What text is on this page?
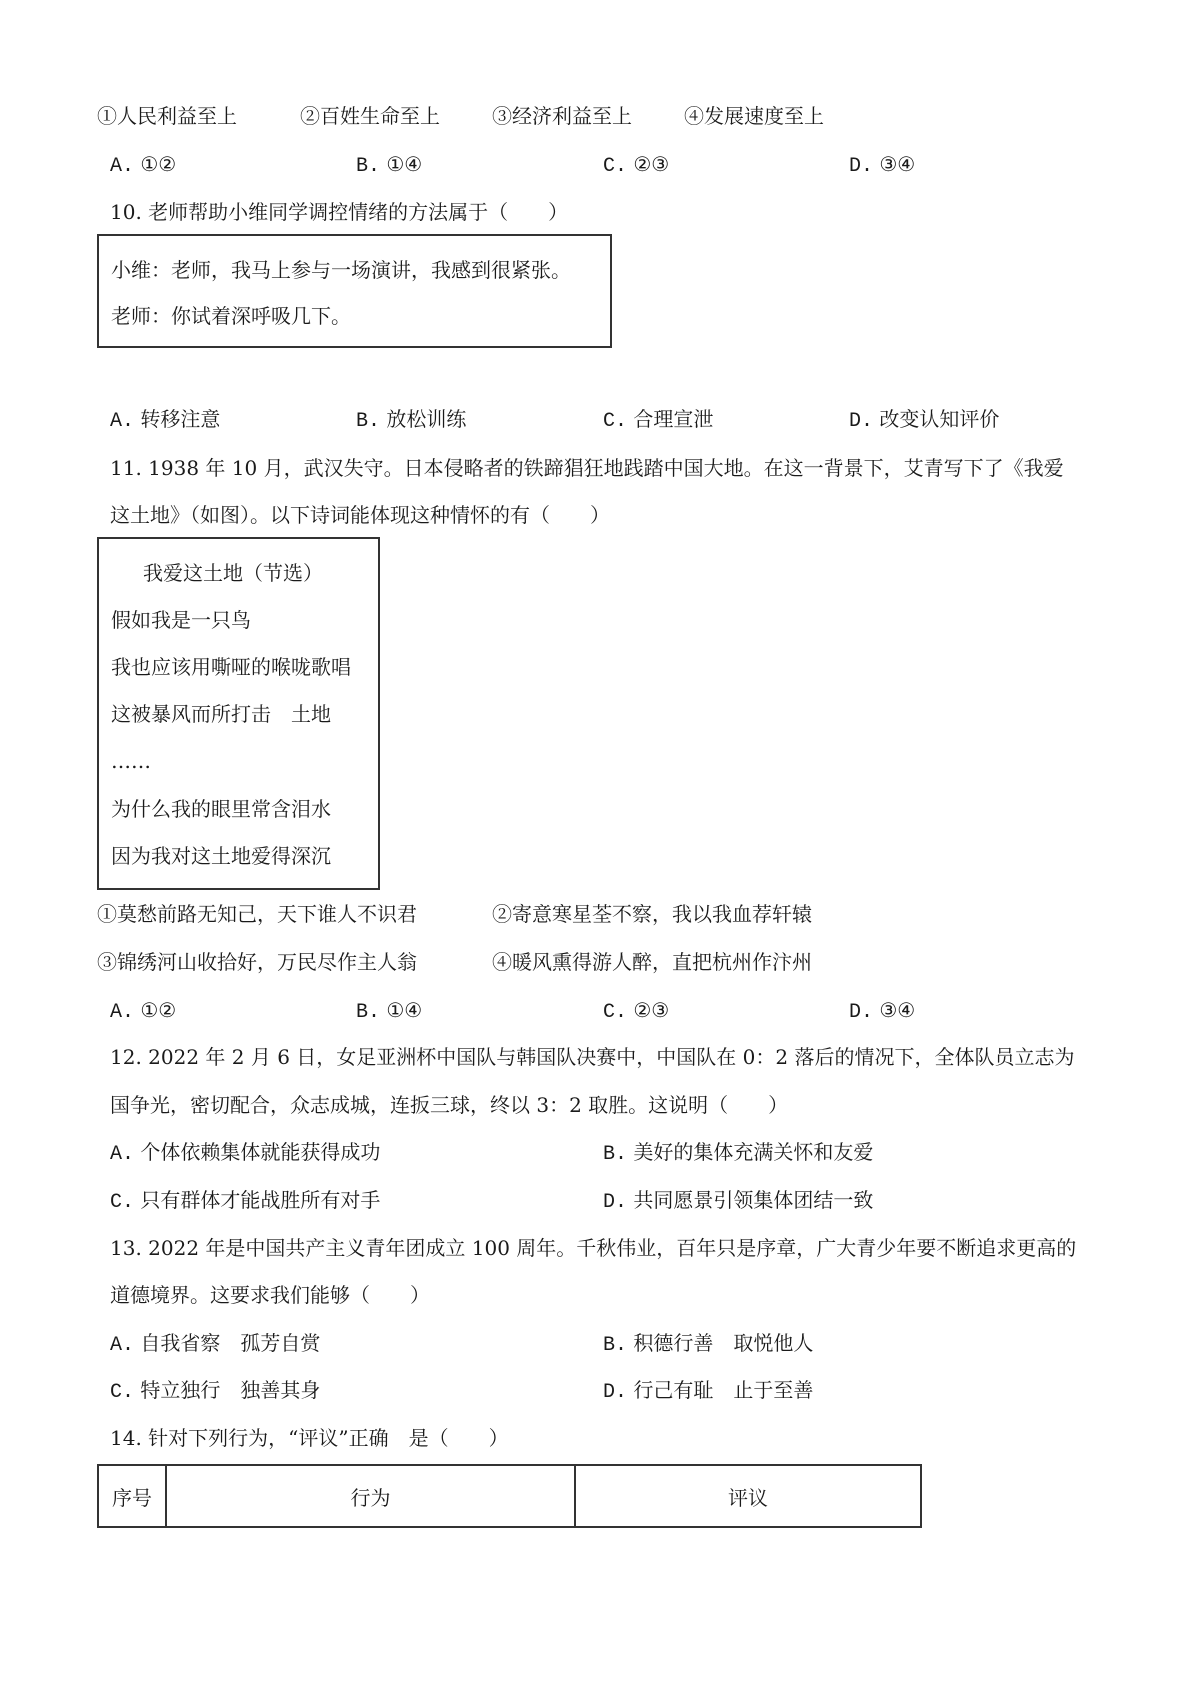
①人民利益至上	②百姓生命至上	③经济利益至上	④发展速度至上
A. ①②	B. ①④	C. ②③	D. ③④
10. 老师帮助小维同学调控情绪的方法属于（　　）
小维：老师，我马上参与一场演讲，我感到很紧张。
老师：你试着深呼吸几下。
A. 转移注意	B. 放松训练	C. 合理宣泄	D. 改变认知评价
11. 1938 年 10 月，武汉失守。日本侵略者的铁蹄猖狂地践踏中国大地。在这一背景下，艾青写下了《我爱
这土地》（如图）。以下诗词能体现这种情怀的有（　　）
我爱这土地（节选）
假如我是一只鸟
我也应该用嘶哑的喉咙歌唱
这被暴风而所打击　土地
……
为什么我的眼里常含泪水
因为我对这土地爱得深沉
①莫愁前路无知己，天下谁人不识君	②寄意寒星荃不察，我以我血荐轩辕
③锦绣河山收拾好，万民尽作主人翁	④暖风熏得游人醉，直把杭州作汴州
A. ①②	B. ①④	C. ②③	D. ③④
12. 2022 年 2 月 6 日，女足亚洲杯中国队与韩国队决赛中，中国队在 0：2 落后的情况下，全体队员立志为
国争光，密切配合，众志成城，连扳三球，终以 3：2 取胜。这说明（　　）
A. 个体依赖集体就能获得成功	B. 美好的集体充满关怀和友爱
C. 只有群体才能战胜所有对手	D. 共同愿景引领集体团结一致
13. 2022 年是中国共产主义青年团成立 100 周年。千秋伟业，百年只是序章，广大青少年要不断追求更高的
道德境界。这要求我们能够（　　）
A. 自我省察　孤芳自赏	B. 积德行善　取悦他人
C. 特立独行　独善其身	D. 行己有耻　止于至善
14. 针对下列行为，“评议”正确　是（　　）
序号	行为	评议
